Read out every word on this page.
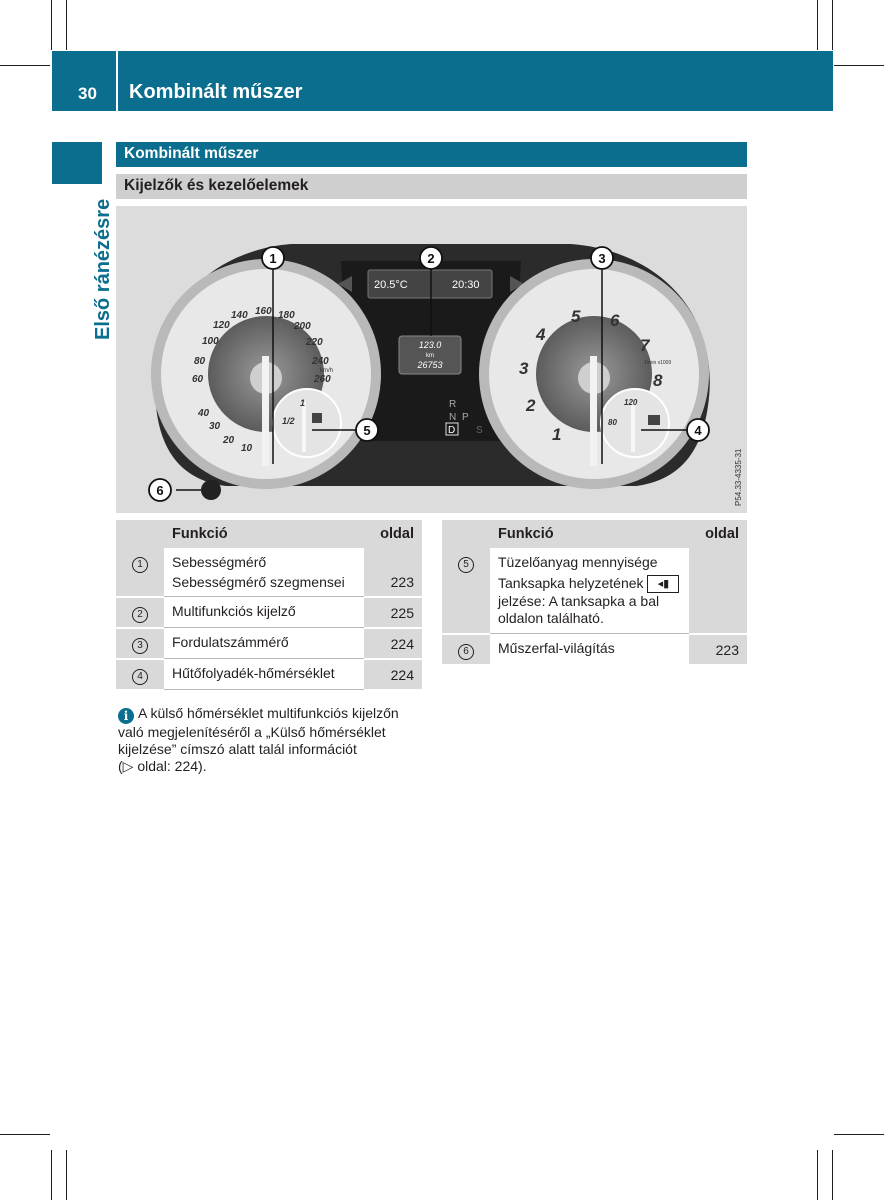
30 Kombinált műszer
Első ránézésre
Kombinált műszer
Kijelzők és kezelőelemek
20.5°C	20:30
123.0
km
26753
R
N P
D S
10
20
30
40
60
80
100
120
140 160 180
200
220
240
260
km/h
1
1/2
1
2
3
4
5 6
7
8
1/min x1000
120
80
1	2	3
4
5
6	P54.33-4335-31
	Funkció	oldal
1	Sebességmérő
Sebességmérő szegmensei	223
2	Multifunkciós kijelző	225
3	Fordulatszámmérő	224
4	Hűtőfolyadék-hőmérséklet	224
	Funkció	oldal
5	Tüzelőanyag mennyisége
Tanksapka helyzetének ◂▮
jelzése: A tanksapka a bal
oldalon található.	

6	Műszerfal-világítás	223
i A külső hőmérséklet multifunkciós kijelzőn
való megjelenítéséről a „Külső hőmérséklet
kijelzése” címszó alatt talál információt
(▷ oldal: 224).
